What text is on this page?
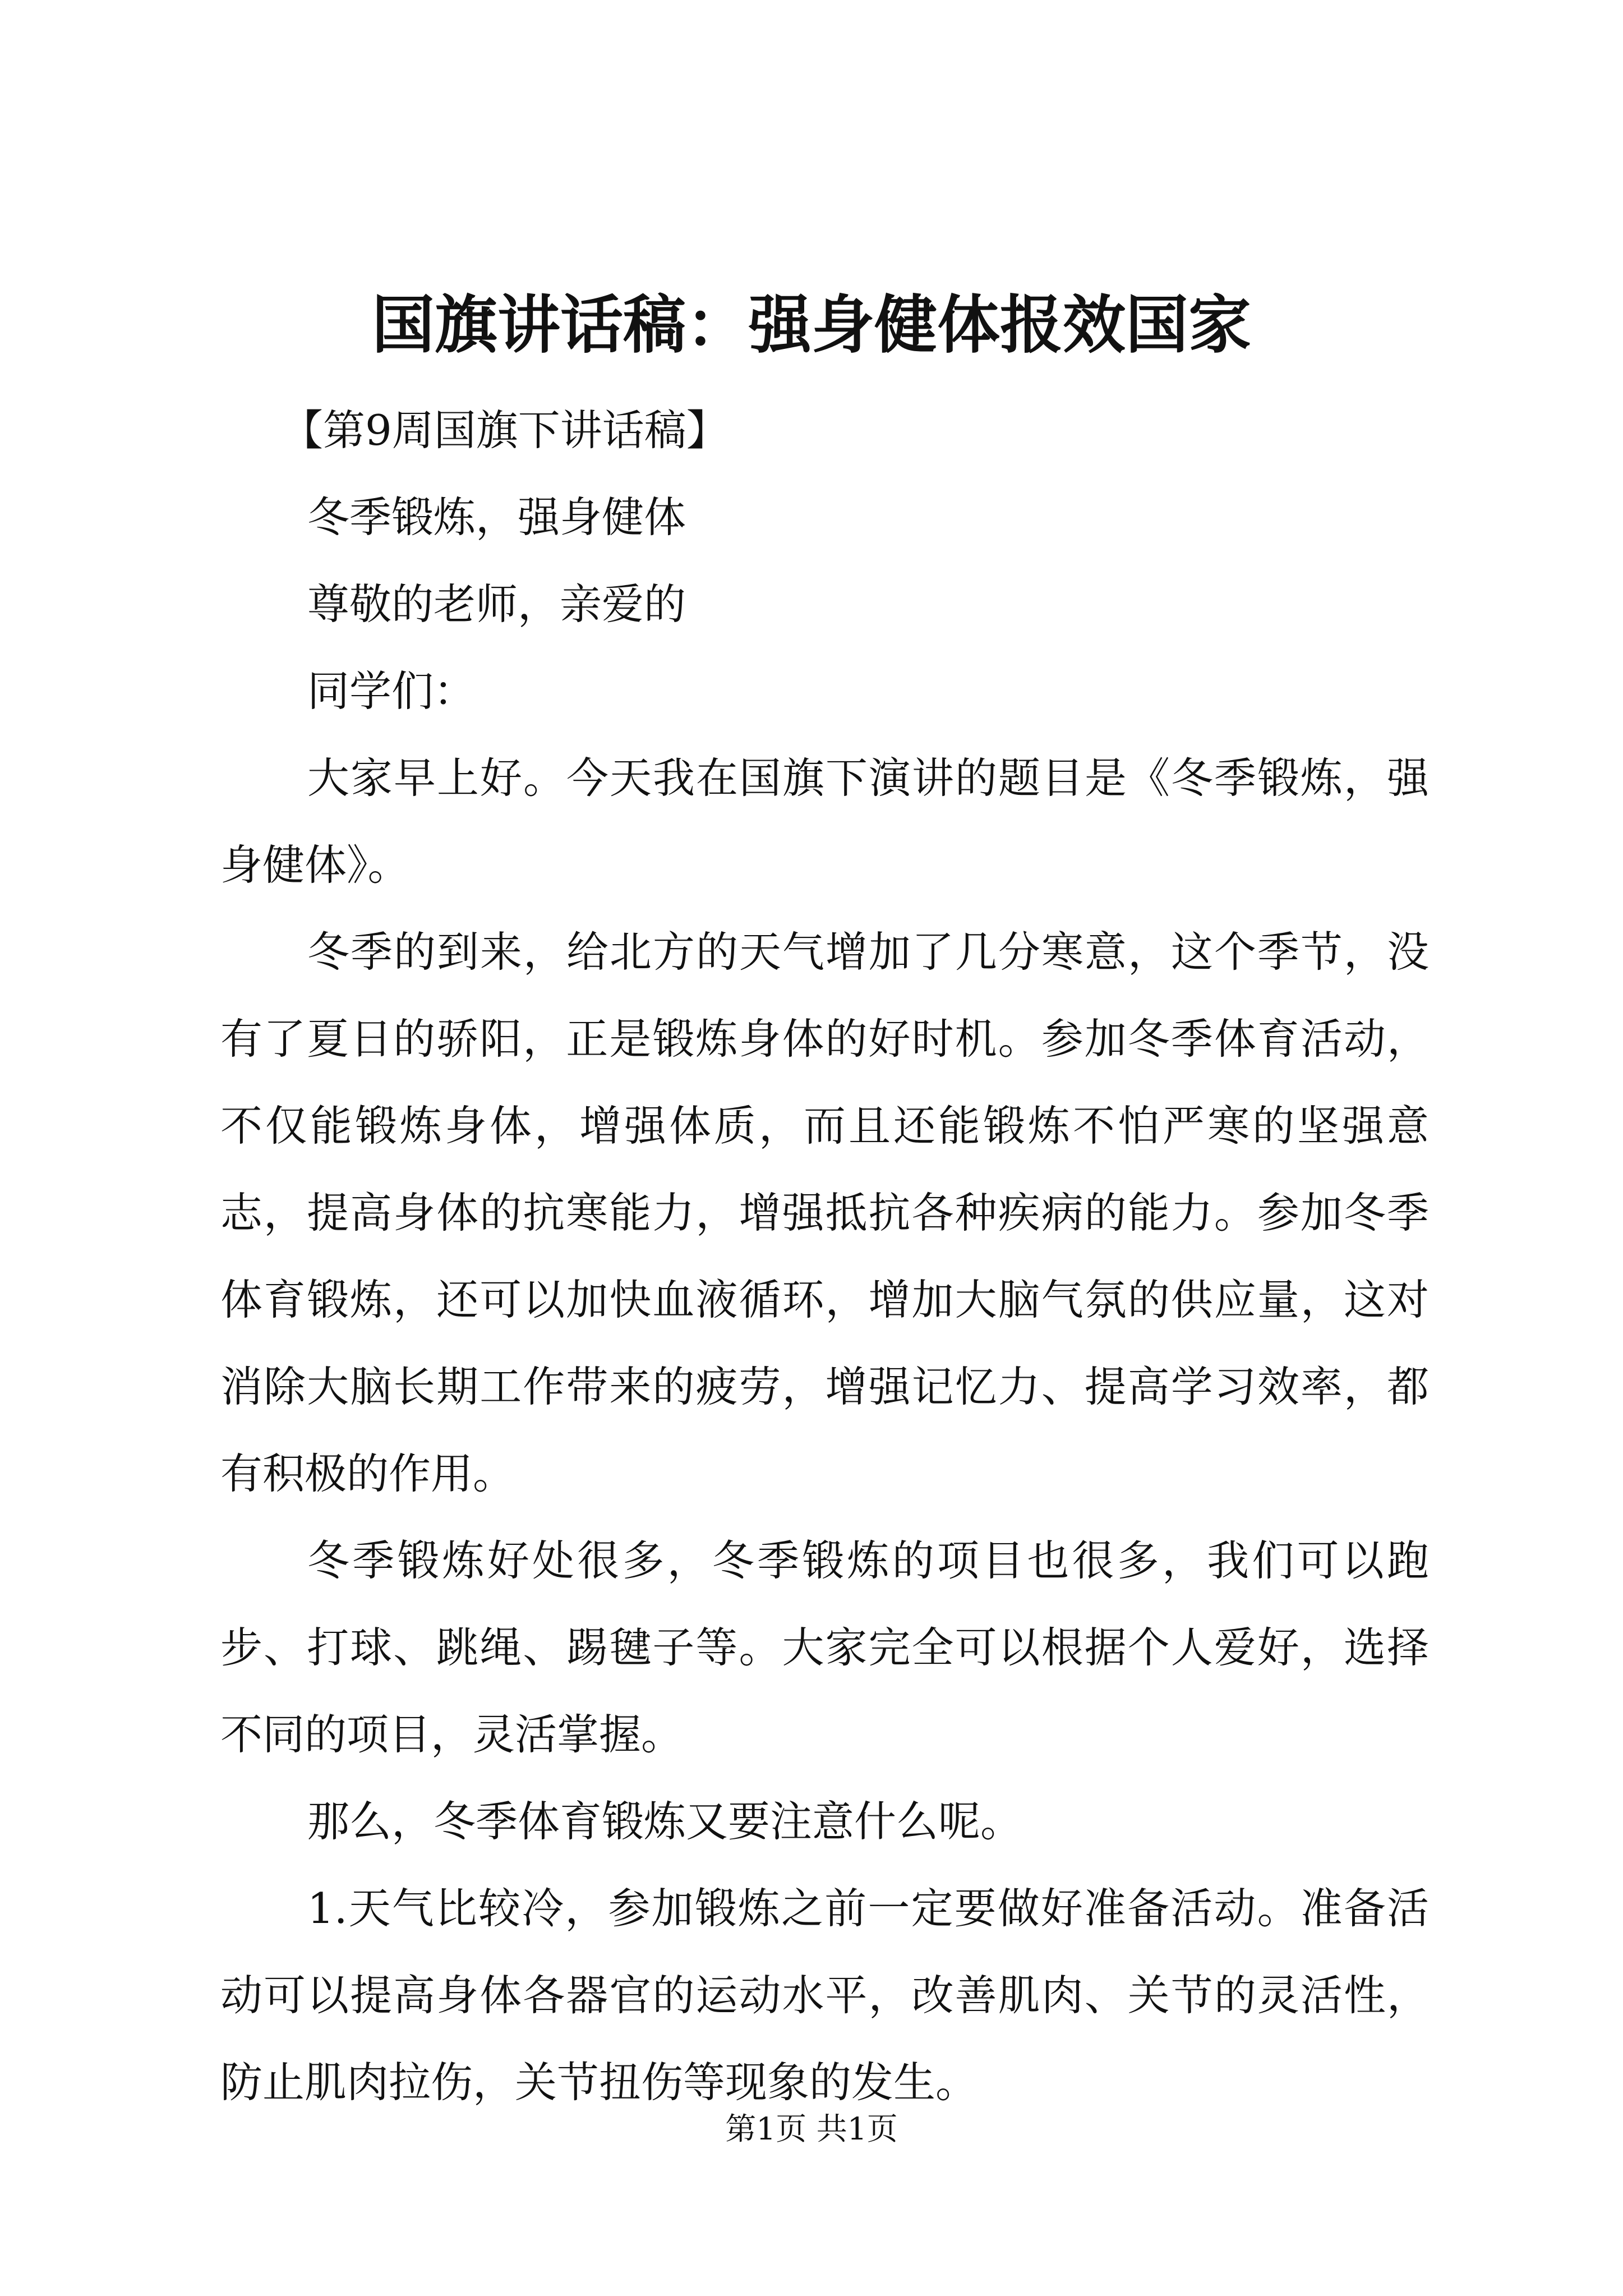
国旗讲话稿：强身健体报效国家

【第9周国旗下讲话稿】

冬季锻炼，强身健体

尊敬的老师，亲爱的

同学们：

大家早上好。今天我在国旗下演讲的题目是《冬季锻炼，强身健体》。

冬季的到来，给北方的天气增加了几分寒意，这个季节，没有了夏日的骄阳，正是锻炼身体的好时机。参加冬季体育活动，不仅能锻炼身体，增强体质，而且还能锻炼不怕严寒的坚强意志，提高身体的抗寒能力，增强抵抗各种疾病的能力。参加冬季体育锻炼，还可以加快血液循环，增加大脑气氛的供应量，这对消除大脑长期工作带来的疲劳，增强记忆力、提高学习效率，都有积极的作用。

冬季锻炼好处很多，冬季锻炼的项目也很多，我们可以跑步、打球、跳绳、踢毽子等。大家完全可以根据个人爱好，选择不同的项目，灵活掌握。

那么，冬季体育锻炼又要注意什么呢。

1.天气比较冷，参加锻炼之前一定要做好准备活动。准备活动可以提高身体各器官的运动水平，改善肌肉、关节的灵活性，防止肌肉拉伤，关节扭伤等现象的发生。

第1页 共1页
